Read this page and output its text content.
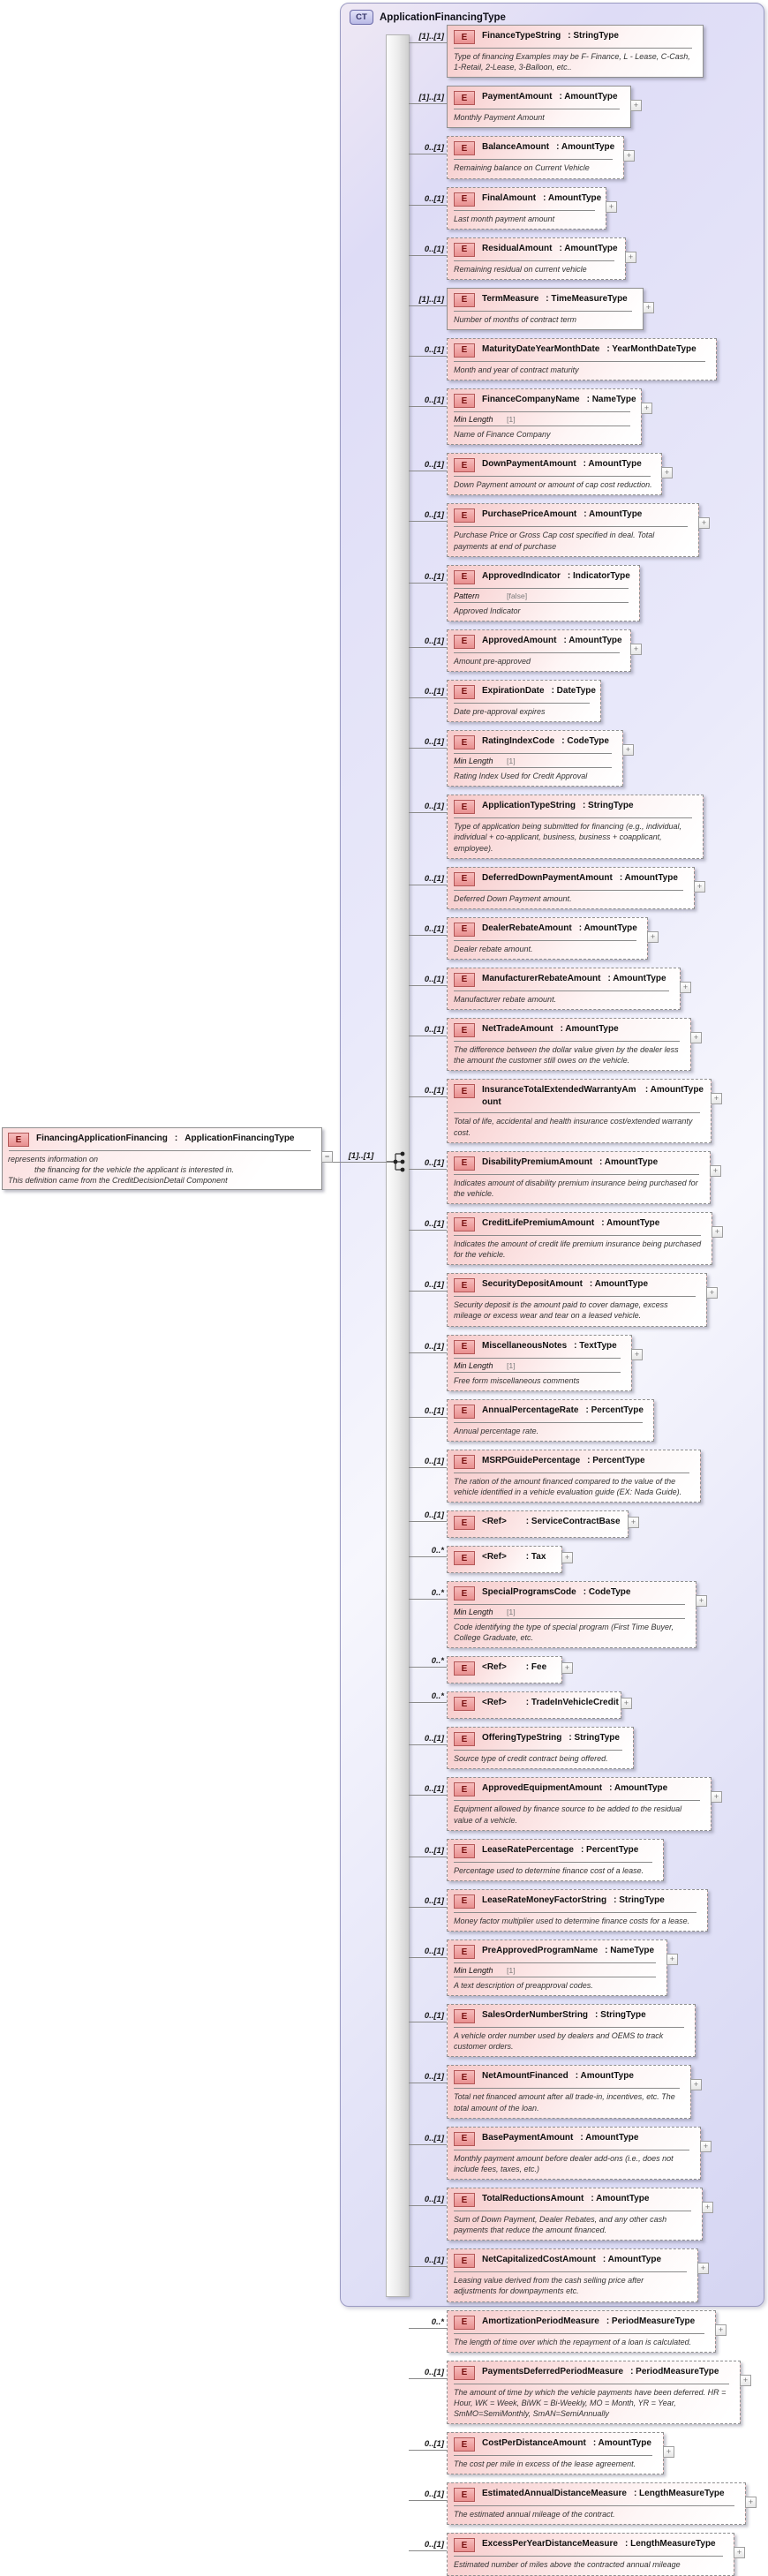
CT	ApplicationFinancingType
[1]..[1]
E	FinancingApplicationFinancing : ApplicationFinancingType
represents information on
the financing for the vehicle the applicant is interested in.
This definition came from the CreditDecisionDetail Component
−
[1]..[1]	E	FinanceTypeString : StringType
Type of financing Examples may be F- Finance, L - Lease, C-Cash, 1-Retail, 2-Lease, 3-Balloon, etc..
[1]..[1]	E	PaymentAmount : AmountType
Monthly Payment Amount
+
0..[1]	E	BalanceAmount : AmountType
Remaining balance on Current Vehicle
+
0..[1]	E	FinalAmount : AmountType
Last month payment amount
+
0..[1]	E	ResidualAmount : AmountType
Remaining residual on current vehicle
+
[1]..[1]	E	TermMeasure : TimeMeasureType
Number of months of contract term
+
0..[1]	E	MaturityDateYearMonthDate : YearMonthDateType
Month and year of contract maturity
0..[1]	E	FinanceCompanyName : NameType
Min Length	[1]
Name of Finance Company
+
0..[1]	E	DownPaymentAmount : AmountType
Down Payment amount or amount of cap cost reduction.
+
0..[1]	E	PurchasePriceAmount : AmountType
Purchase Price or Gross Cap cost specified in deal. Total payments at end of purchase
+
0..[1]	E	ApprovedIndicator : IndicatorType
Pattern	[false]
Approved Indicator
0..[1]	E	ApprovedAmount : AmountType
Amount pre-approved
+
0..[1]	E	ExpirationDate : DateType
Date pre-approval expires
0..[1]	E	RatingIndexCode : CodeType
Min Length	[1]
Rating Index Used for Credit Approval
+
0..[1]	E	ApplicationTypeString : StringType
Type of application being submitted for financing (e.g., individual, individual + co-applicant, business, business + coapplicant, employee).
0..[1]	E	DeferredDownPaymentAmount : AmountType
Deferred Down Payment amount.
+
0..[1]	E	DealerRebateAmount : AmountType
Dealer rebate amount.
+
0..[1]	E	ManufacturerRebateAmount : AmountType
Manufacturer rebate amount.
+
0..[1]	E	NetTradeAmount : AmountType
The difference between the dollar value given by the dealer less the amount the customer still owes on the vehicle.
+
0..[1]	E	InsuranceTotalExtendedWarrantyAmount
: AmountType
Total of life, accidental and health insurance cost/extended warranty cost.
+
0..[1]	E	DisabilityPremiumAmount : AmountType
Indicates amount of disability premium insurance being purchased for the vehicle.
+
0..[1]	E	CreditLifePremiumAmount : AmountType
Indicates the amount of credit life premium insurance being purchased for the vehicle.
+
0..[1]	E	SecurityDepositAmount : AmountType
Security deposit is the amount paid to cover damage, excess mileage or excess wear and tear on a leased vehicle.
+
0..[1]	E	MiscellaneousNotes : TextType
Min Length	[1]
Free form miscellaneous comments
+
0..[1]	E	AnnualPercentageRate : PercentType
Annual percentage rate.
0..[1]	E	MSRPGuidePercentage : PercentType
The ration of the amount financed compared to the value of the vehicle identified in a vehicle evaluation guide (EX: Nada Guide).
0..[1]
E	<Ref> : ServiceContractBase	+
0..*
E	<Ref> : Tax	+
0..*	E	SpecialProgramsCode : CodeType
Min Length	[1]
Code identifying the type of special program (First Time Buyer, College Graduate, etc.
+
0..*
E	<Ref> : Fee	+
0..*
E	<Ref> : TradeInVehicleCredit +
0..[1]	E	OfferingTypeString : StringType
Source type of credit contract being offered.
0..[1]	E	ApprovedEquipmentAmount : AmountType
Equipment allowed by finance source to be added to the residual value of a vehicle.
+
0..[1]	E	LeaseRatePercentage : PercentType
Percentage used to determine finance cost of a lease.
0..[1]	E	LeaseRateMoneyFactorString : StringType
Money factor multiplier used to determine finance costs for a lease.
0..[1]	E	PreApprovedProgramName : NameType
Min Length	[1]
A text description of preapproval codes.
+
0..[1]	E	SalesOrderNumberString : StringType
A vehicle order number used by dealers and OEMS to track customer orders.
0..[1]	E	NetAmountFinanced : AmountType
Total net financed amount after all trade-in, incentives, etc. The total amount of the loan.
+
0..[1]	E	BasePaymentAmount : AmountType
Monthly payment amount before dealer add-ons (i.e., does not include fees, taxes, etc.)
+
0..[1]	E	TotalReductionsAmount : AmountType
Sum of Down Payment, Dealer Rebates, and any other cash payments that reduce the amount financed.
+
0..[1]	E	NetCapitalizedCostAmount : AmountType
Leasing value derived from the cash selling price after adjustments for downpayments etc.
+
0..*	E	AmortizationPeriodMeasure : PeriodMeasureType
The length of time over which the repayment of a loan is calculated.
+
0..[1]	E	PaymentsDeferredPeriodMeasure : PeriodMeasureType
The amount of time by which the vehicle payments have been deferred. HR = Hour, WK = Week, BiWK = Bi-Weekly, MO = Month, YR = Year, SmMO=SemiMonthly, SmAN=SemiAnnually
+
0..[1]	E	CostPerDistanceAmount : AmountType
The cost per mile in excess of the lease agreement.
+
0..[1]	E	EstimatedAnnualDistanceMeasure : LengthMeasureType
The estimated annual mileage of the contract.
+
0..[1]	E	ExcessPerYearDistanceMeasure : LengthMeasureType
Estimated number of miles above the contracted annual mileage
+
